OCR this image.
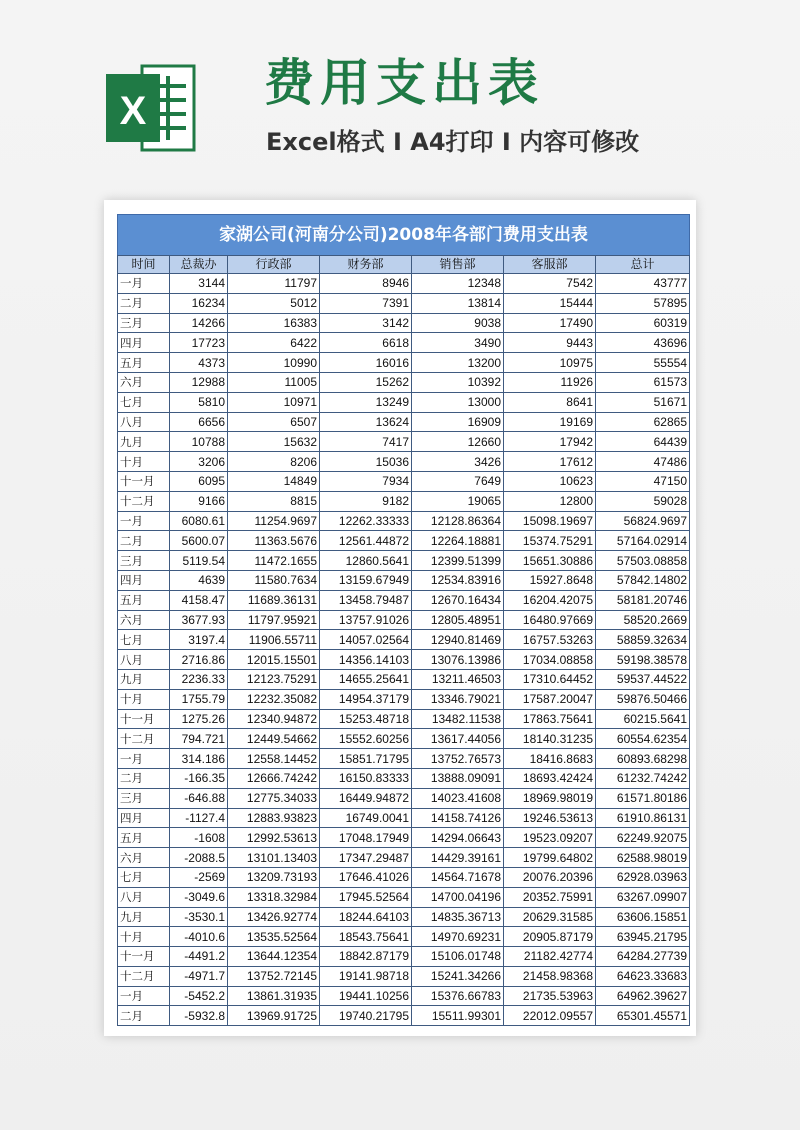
X 费用支出表

Excel格式 Ⅰ A4打印 Ⅰ 内容可修改

家湖公司(河南分公司)2008年各部门费用支出表
时间	总裁办	行政部	财务部	销售部	客服部	总计
一月	3144	11797	8946	12348	7542	43777
二月	16234	5012	7391	13814	15444	57895
三月	14266	16383	3142	9038	17490	60319
四月	17723	6422	6618	3490	9443	43696
五月	4373	10990	16016	13200	10975	55554
六月	12988	11005	15262	10392	11926	61573
七月	5810	10971	13249	13000	8641	51671
八月	6656	6507	13624	16909	19169	62865
九月	10788	15632	7417	12660	17942	64439
十月	3206	8206	15036	3426	17612	47486
十一月	6095	14849	7934	7649	10623	47150
十二月	9166	8815	9182	19065	12800	59028
一月	6080.61	11254.9697	12262.33333	12128.86364	15098.19697	56824.9697
二月	5600.07	11363.5676	12561.44872	12264.18881	15374.75291	57164.02914
三月	5119.54	11472.1655	12860.5641	12399.51399	15651.30886	57503.08858
四月	4639	11580.7634	13159.67949	12534.83916	15927.8648	57842.14802
五月	4158.47	11689.36131	13458.79487	12670.16434	16204.42075	58181.20746
六月	3677.93	11797.95921	13757.91026	12805.48951	16480.97669	58520.2669
七月	3197.4	11906.55711	14057.02564	12940.81469	16757.53263	58859.32634
八月	2716.86	12015.15501	14356.14103	13076.13986	17034.08858	59198.38578
九月	2236.33	12123.75291	14655.25641	13211.46503	17310.64452	59537.44522
十月	1755.79	12232.35082	14954.37179	13346.79021	17587.20047	59876.50466
十一月	1275.26	12340.94872	15253.48718	13482.11538	17863.75641	60215.5641
十二月	794.721	12449.54662	15552.60256	13617.44056	18140.31235	60554.62354
一月	314.186	12558.14452	15851.71795	13752.76573	18416.8683	60893.68298
二月	-166.35	12666.74242	16150.83333	13888.09091	18693.42424	61232.74242
三月	-646.88	12775.34033	16449.94872	14023.41608	18969.98019	61571.80186
四月	-1127.4	12883.93823	16749.0041	14158.74126	19246.53613	61910.86131
五月	-1608	12992.53613	17048.17949	14294.06643	19523.09207	62249.92075
六月	-2088.5	13101.13403	17347.29487	14429.39161	19799.64802	62588.98019
七月	-2569	13209.73193	17646.41026	14564.71678	20076.20396	62928.03963
八月	-3049.6	13318.32984	17945.52564	14700.04196	20352.75991	63267.09907
九月	-3530.1	13426.92774	18244.64103	14835.36713	20629.31585	63606.15851
十月	-4010.6	13535.52564	18543.75641	14970.69231	20905.87179	63945.21795
十一月	-4491.2	13644.12354	18842.87179	15106.01748	21182.42774	64284.27739
十二月	-4971.7	13752.72145	19141.98718	15241.34266	21458.98368	64623.33683
一月	-5452.2	13861.31935	19441.10256	15376.66783	21735.53963	64962.39627
二月	-5932.8	13969.91725	19740.21795	15511.99301	22012.09557	65301.45571
